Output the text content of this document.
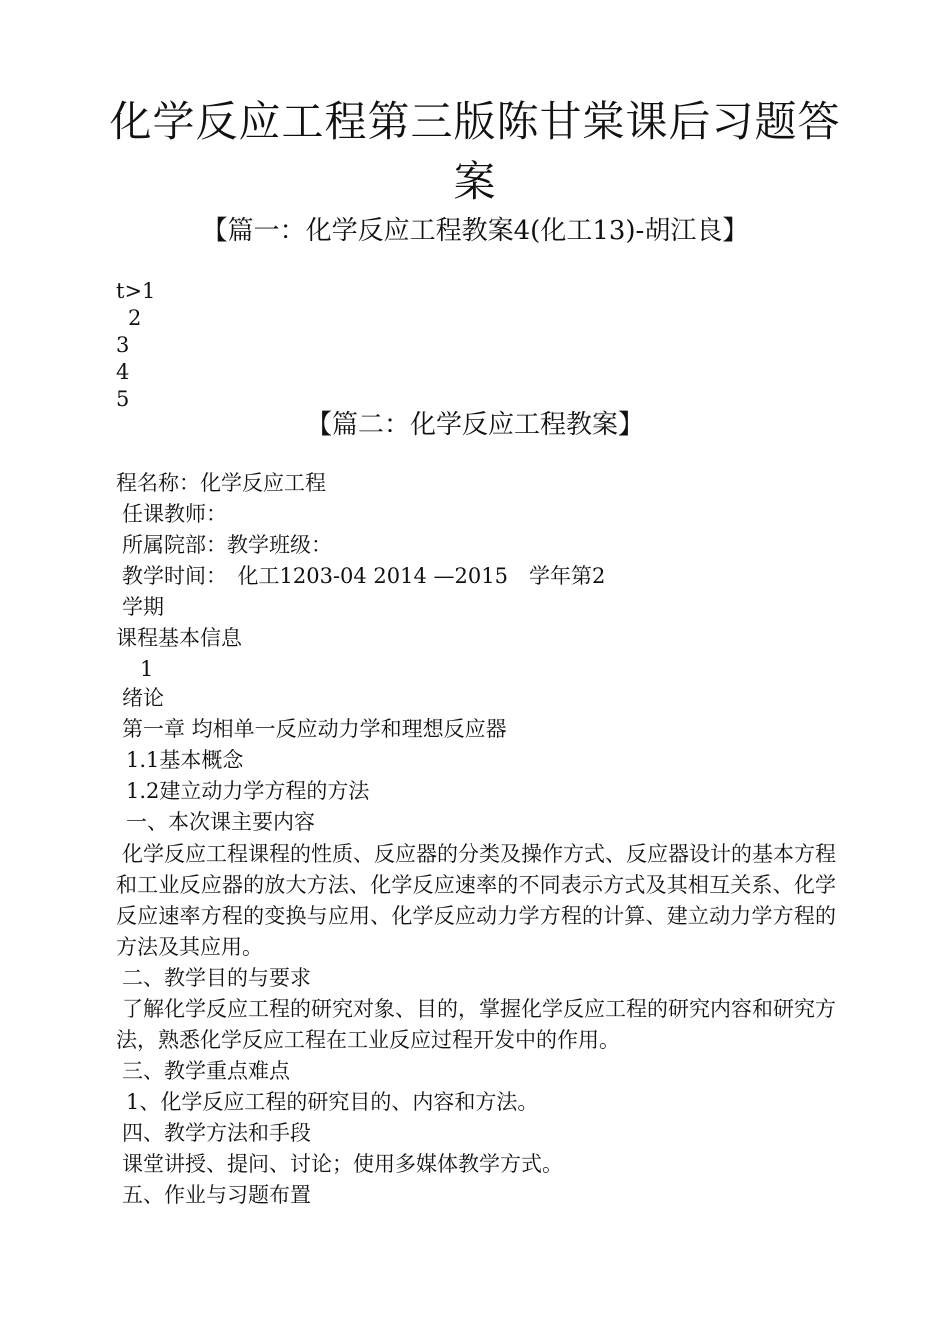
化学反应工程第三版陈甘棠课后习题答案
【篇一：化学反应工程教案4(化工13)-胡江良】
t>1
2
3
4
5
【篇二：化学反应工程教案】
程名称：化学反应工程
任课教师：
所属院部：教学班级：
教学时间：　化工1203-04 2014 —2015　学年第2
学期
课程基本信息
1
绪论
第一章 均相单一反应动力学和理想反应器
1.1基本概念
1.2建立动力学方程的方法
一、本次课主要内容
化学反应工程课程的性质、反应器的分类及操作方式、反应器设计的基本方程和工业反应器的放大方法、化学反应速率的不同表示方式及其相互关系、化学反应速率方程的变换与应用、化学反应动力学方程的计算、建立动力学方程的方法及其应用。
二、教学目的与要求
了解化学反应工程的研究对象、目的，掌握化学反应工程的研究内容和研究方法，熟悉化学反应工程在工业反应过程开发中的作用。
三、教学重点难点
1、化学反应工程的研究目的、内容和方法。
四、教学方法和手段
课堂讲授、提问、讨论；使用多媒体教学方式。
五、作业与习题布置
